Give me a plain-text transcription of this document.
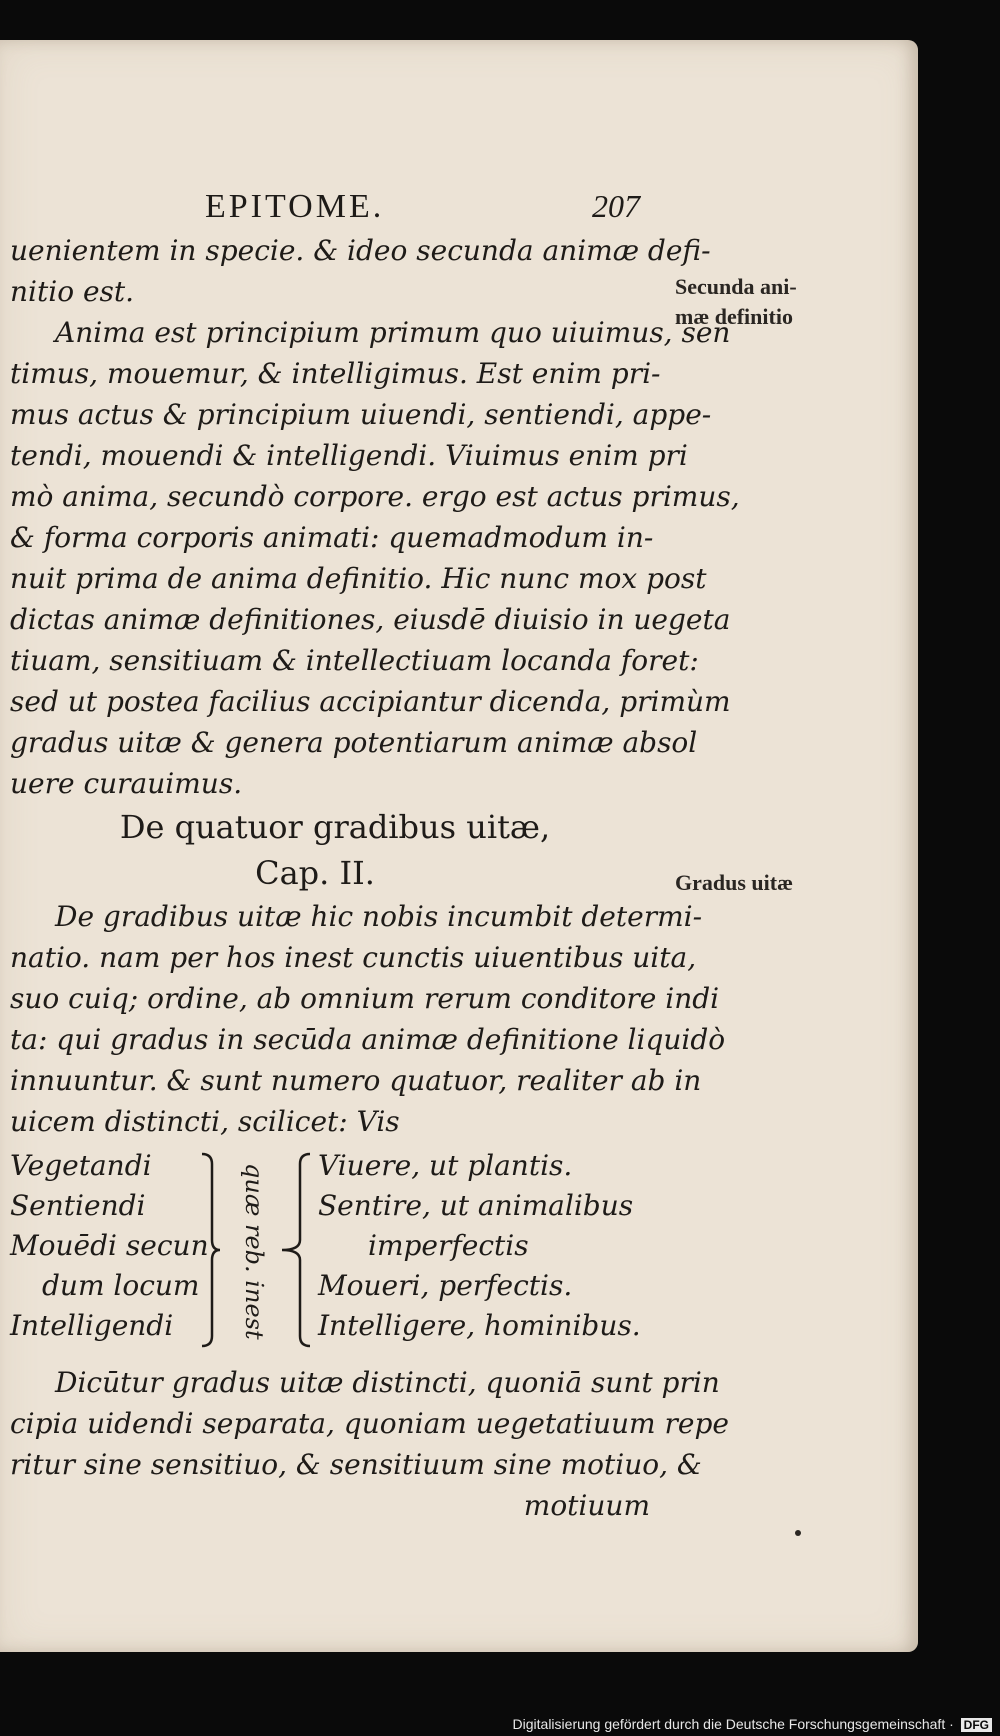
EPITOME.	207
Secunda ani-
mæ definitio
Gradus uitæ
uenientem in specie. & ideo secunda animæ defi-
nitio est.
Anima est principium primum quo uiuimus, sen
timus, mouemur, & intelligimus. Est enim pri-
mus actus & principium uiuendi, sentiendi, appe-
tendi, mouendi & intelligendi. Viuimus enim pri
mò anima, secundò corpore. ergo est actus primus,
& forma corporis animati: quemadmodum in-
nuit prima de anima definitio. Hic nunc mox post
dictas animæ definitiones, eiusdē diuisio in uegeta
tiuam, sensitiuam & intellectiuam locanda foret:
sed ut postea facilius accipiantur dicenda, primùm
gradus uitæ & genera potentiarum animæ absol
uere curauimus.
De quatuor gradibus uitæ,
Cap. II.
De gradibus uitæ hic nobis incumbit determi-
natio. nam per hos inest cunctis uiuentibus uita,
suo cuiq; ordine, ab omnium rerum conditore indi
ta: qui gradus in secūda animæ definitione liquidò
innuuntur. & sunt numero quatuor, realiter ab in
uicem distincti, scilicet: Vis
Vegetandi
Sentiendi
Mouēdi secun
dum locum
Intelligendi	quæ reb. inest Viuere, ut plantis.
Sentire, ut animalibus
imperfectis
Moueri, perfectis.
Intelligere, hominibus.
Dicūtur gradus uitæ distincti, quoniā sunt prin
cipia uidendi separata, quoniam uegetatiuum repe
ritur sine sensitiuo, & sensitiuum sine motiuo, &
motiuum
Digitalisierung gefördert durch die Deutsche Forschungsgemeinschaft · DFG
